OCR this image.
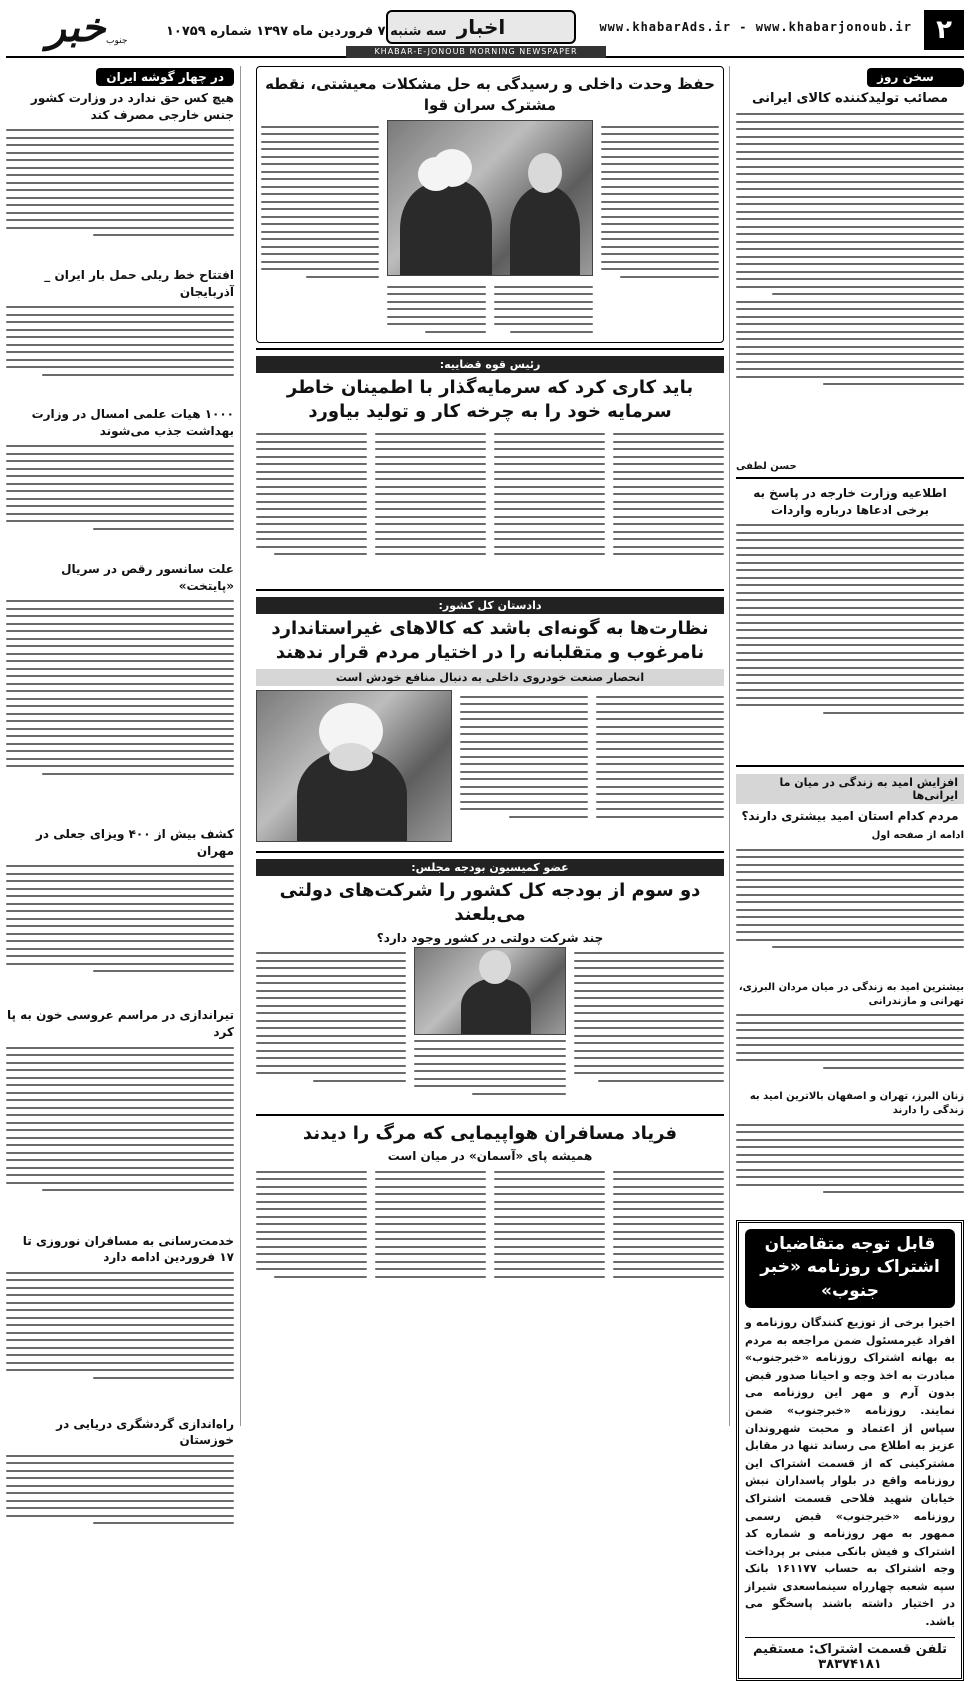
۲
www.khabarAds.ir - www.khabarjonoub.ir
اخبار
KHABAR-E-JONOUB MORNING NEWSPAPER
سه شنبه ۷ فروردین ماه ۱۳۹۷ شماره ۱۰۷۵۹
خبر جنوب
سخن روز
مصائب تولیدکننده کالای ایرانی
حسن لطفی
اطلاعیه وزارت خارجه در پاسخ به برخی ادعاها درباره واردات
افزایش امید به زندگی در میان ما ایرانی‌ها
مردم کدام استان امید بیشتری دارند؟
ادامه از صفحه اول
بیشترین امید به زندگی در میان مردان البرزی، تهرانی و مازندرانی
زنان البرز، تهران و اصفهان بالاترین امید به زندگی را دارند
قابل توجه متقاضیان اشتراک روزنامه «خبر جنوب»
اخیرا برخی از توزیع کنندگان روزنامه و افراد غیرمسئول ضمن مراجعه به مردم به بهانه اشتراک روزنامه «خبرجنوب» مبادرت به اخذ وجه و احیانا صدور قبض بدون آرم و مهر این روزنامه می نمایند. روزنامه «خبرجنوب» ضمن سپاس از اعتماد و محبت شهروندان عزیز به اطلاع می رساند تنها در مقابل مشترکینی که از قسمت اشتراک این روزنامه واقع در بلوار پاسداران نبش خیابان شهید فلاحی قسمت اشتراک روزنامه «خبرجنوب» قبض رسمی ممهور به مهر روزنامه و شماره کد اشتراک و فیش بانکی مبنی بر پرداخت وجه اشتراک به حساب ۱۶۱۱۷۷ بانک سپه شعبه چهارراه سینماسعدی شیراز در اختیار داشته باشند پاسخگو می باشد.
تلفن قسمت اشتراک: مستقیم ۳۸۳۷۴۱۸۱
حفظ وحدت داخلی و رسیدگی به حل مشکلات معیشتی، نقطه مشترک سران قوا
رئیس قوه قضاییه:
باید کاری کرد که سرمایه‌گذار با اطمینان خاطر سرمایه خود را به چرخه کار و تولید بیاورد
دادستان کل کشور:
نظارت‌ها به گونه‌ای باشد که کالاهای غیراستاندارد نامرغوب و متقلبانه را در اختیار مردم قرار ندهند
انحصار صنعت خودروی داخلی به دنبال منافع خودش است
عضو کمیسیون بودجه مجلس:
دو سوم از بودجه کل کشور را شرکت‌های دولتی می‌بلعند
چند شرکت دولتی در کشور وجود دارد؟
فریاد مسافران هواپیمایی که مرگ را دیدند
همیشه پای «آسمان» در میان است
در چهار گوشه ایران
هیچ کس حق ندارد در وزارت کشور جنس خارجی مصرف کند
افتتاح خط ریلی حمل بار ایران _ آذربایجان
۱۰۰۰ هیات علمی امسال در وزارت بهداشت جذب می‌شوند
علت سانسور رقص در سریال «پایتخت»
کشف بیش از ۴۰۰ ویزای جعلی در مهران
تیراندازی در مراسم عروسی خون به پا کرد
خدمت‌رسانی به مسافران نوروزی تا ۱۷ فروردین ادامه دارد
راه‌اندازی گردشگری دریایی در خوزستان
